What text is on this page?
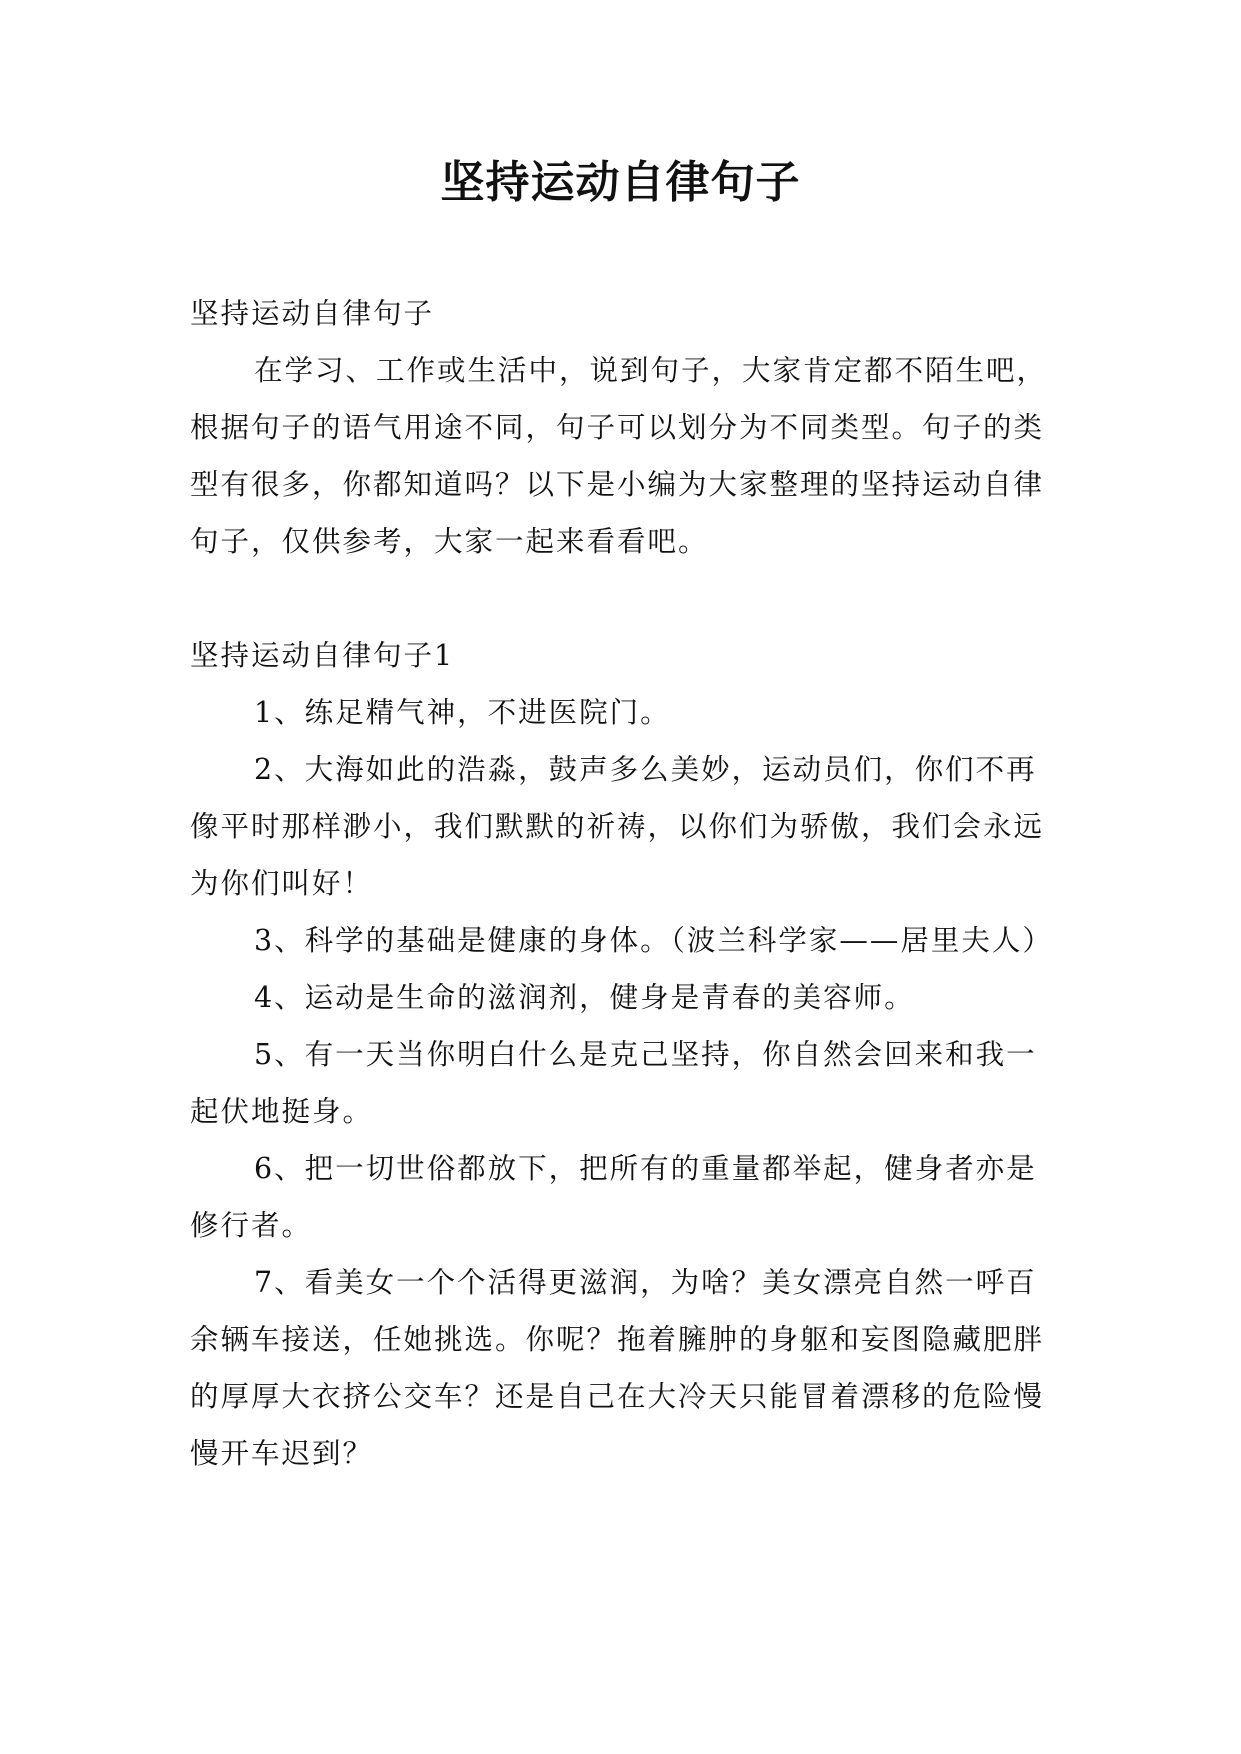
坚持运动自律句子

坚持运动自律句子

在学习、工作或生活中，说到句子，大家肯定都不陌生吧，根据句子的语气用途不同，句子可以划分为不同类型。句子的类型有很多，你都知道吗？以下是小编为大家整理的坚持运动自律句子，仅供参考，大家一起来看看吧。

坚持运动自律句子1

1、练足精气神，不进医院门。

2、大海如此的浩淼，鼓声多么美妙，运动员们，你们不再像平时那样渺小，我们默默的祈祷，以你们为骄傲，我们会永远为你们叫好！

3、科学的基础是健康的身体。（波兰科学家——居里夫人）

4、运动是生命的滋润剂，健身是青春的美容师。

5、有一天当你明白什么是克己坚持，你自然会回来和我一起伏地挺身。

6、把一切世俗都放下，把所有的重量都举起，健身者亦是修行者。

7、看美女一个个活得更滋润，为啥？美女漂亮自然一呼百余辆车接送，任她挑选。你呢？拖着臃肿的身躯和妄图隐藏肥胖的厚厚大衣挤公交车？还是自己在大冷天只能冒着漂移的危险慢慢开车迟到？
